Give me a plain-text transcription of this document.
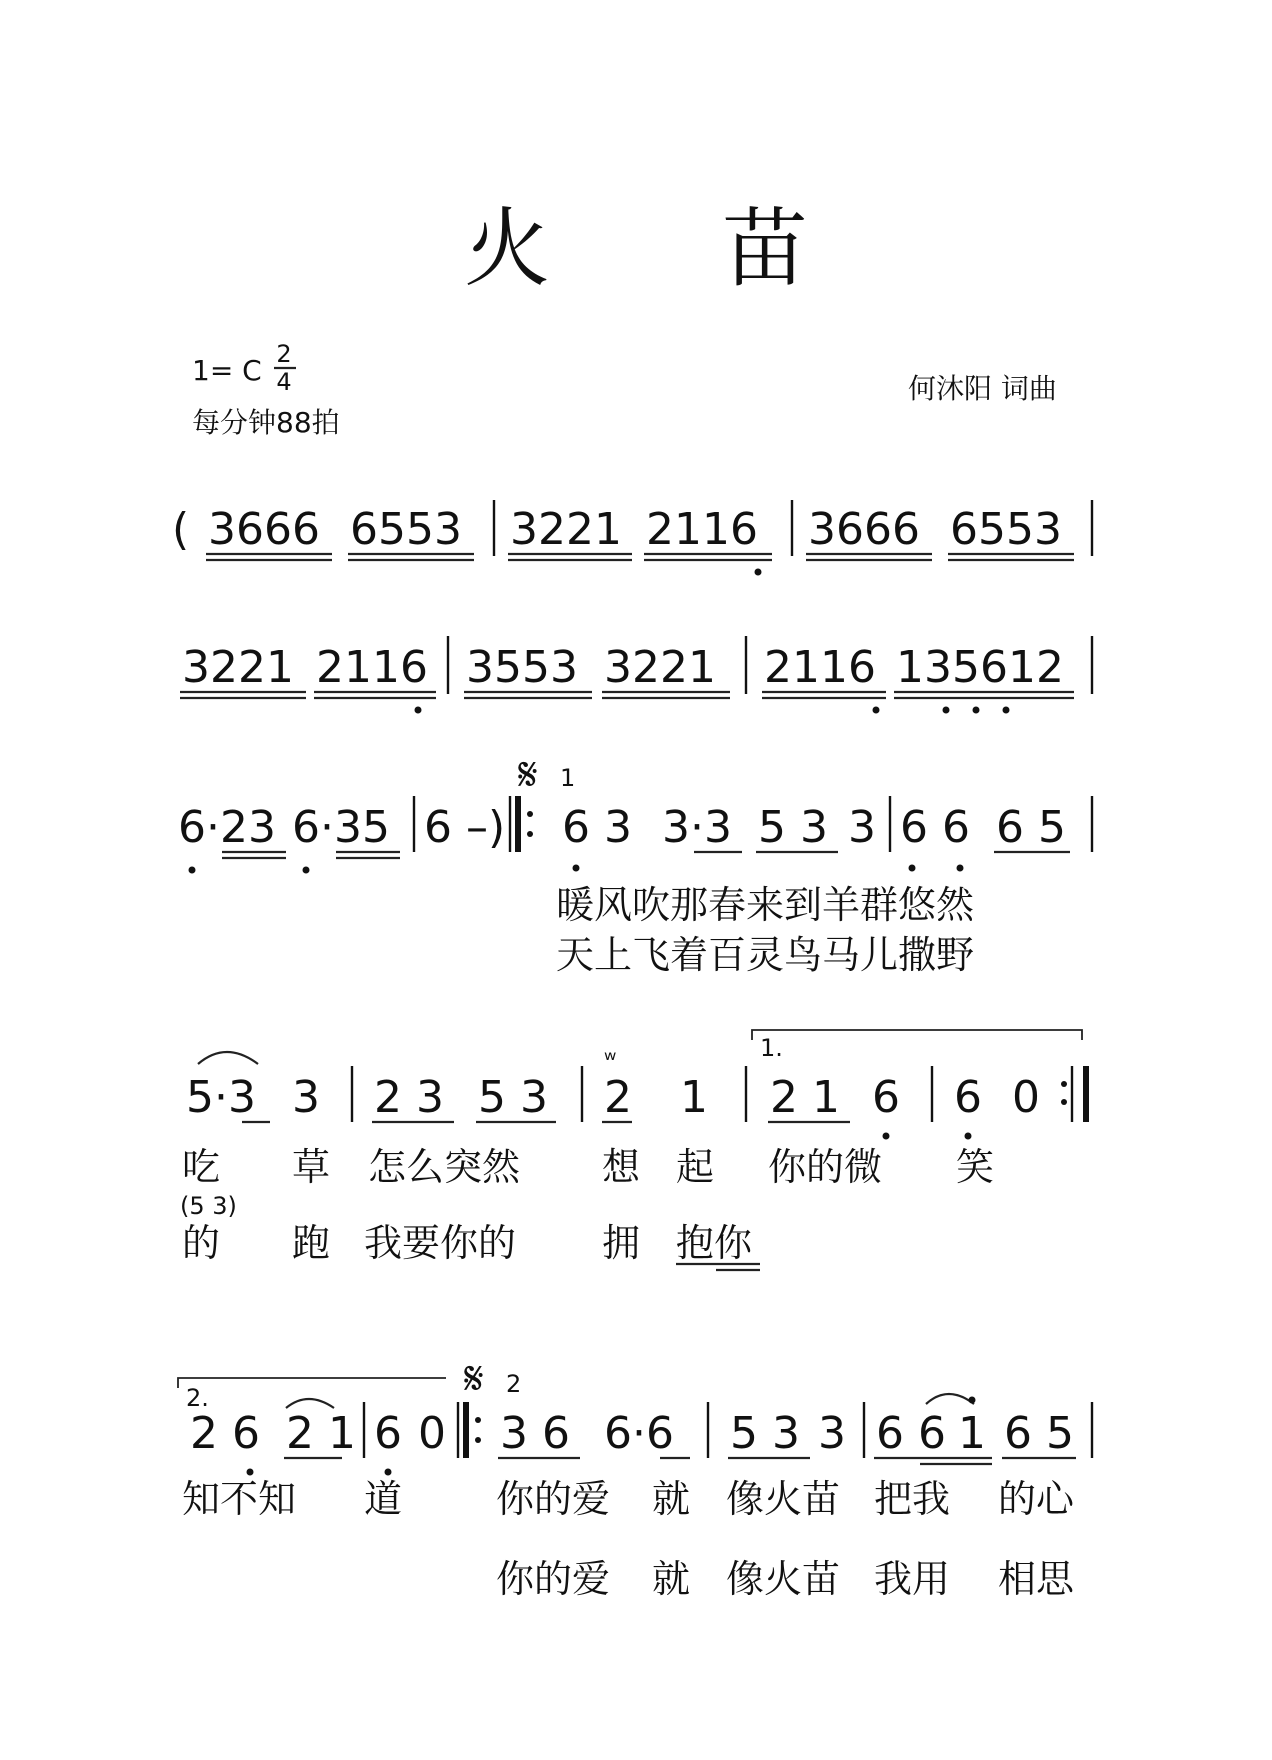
火　　苗
1= C 2
4
每分钟88拍
何沐阳 词曲
( 3666 6553 3221 2116 3666 6553
3221 2116 3553 3221 2116 135612
𝄋 1
6·23 6·35 6 –) 6 3 3·3 5 3 3 6 6 6 5
暖风吹那春来到羊群悠然
天上飞着百灵鸟马儿撒野
5·3 3 2 3 5 3
ʷ
2 1
1.
2 1 6 6 0
吃 草 怎么突然 想 起 你的微 笑
(5 3)
的 跑 我要你的 拥 抱你
2.	𝄋 2
2 6 2 1 6 0 3 6 6·6 5 3 3 6 6 1 6 5
知不知 道 你的爱 就 像火苗 把我 的心
你的爱 就 像火苗 我用 相思
